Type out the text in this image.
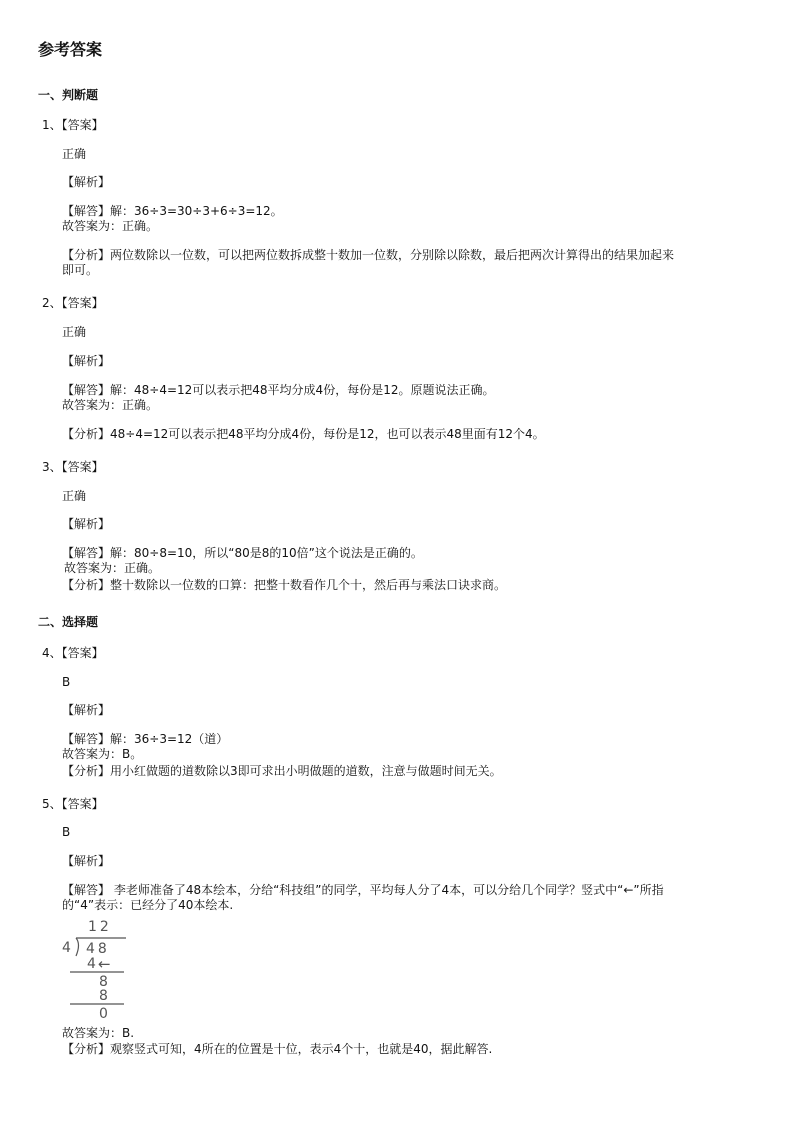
参考答案
一、判断题
1、【答案】
正确
【解析】
【解答】解：36÷3=30÷3+6÷3=12。
故答案为：正确。
【分析】两位数除以一位数，可以把两位数拆成整十数加一位数，分别除以除数，最后把两次计算得出的结果加起来
即可。
2、【答案】
正确
【解析】
【解答】解：48÷4=12可以表示把48平均分成4份，每份是12。原题说法正确。
故答案为：正确。
【分析】48÷4=12可以表示把48平均分成4份，每份是12，也可以表示48里面有12个4。
3、【答案】
正确
【解析】
【解答】解：80÷8=10，所以“80是8的10倍”这个说法是正确的。
故答案为：正确。
【分析】整十数除以一位数的口算：把整十数看作几个十，然后再与乘法口诀求商。
二、选择题
4、【答案】
B
【解析】
【解答】解：36÷3=12（道）
故答案为：B。
【分析】用小红做题的道数除以3即可求出小明做题的道数，注意与做题时间无关。
5、【答案】
B
【解析】
【解答】 李老师准备了48本绘本，分给“科技组”的同学，平均每人分了4本，可以分给几个同学？竖式中“←”所指
的“4”表示：已经分了40本绘本.
12
4 48
4 ←
8
8
0
故答案为：B.
【分析】观察竖式可知，4所在的位置是十位，表示4个十，也就是40，据此解答.
